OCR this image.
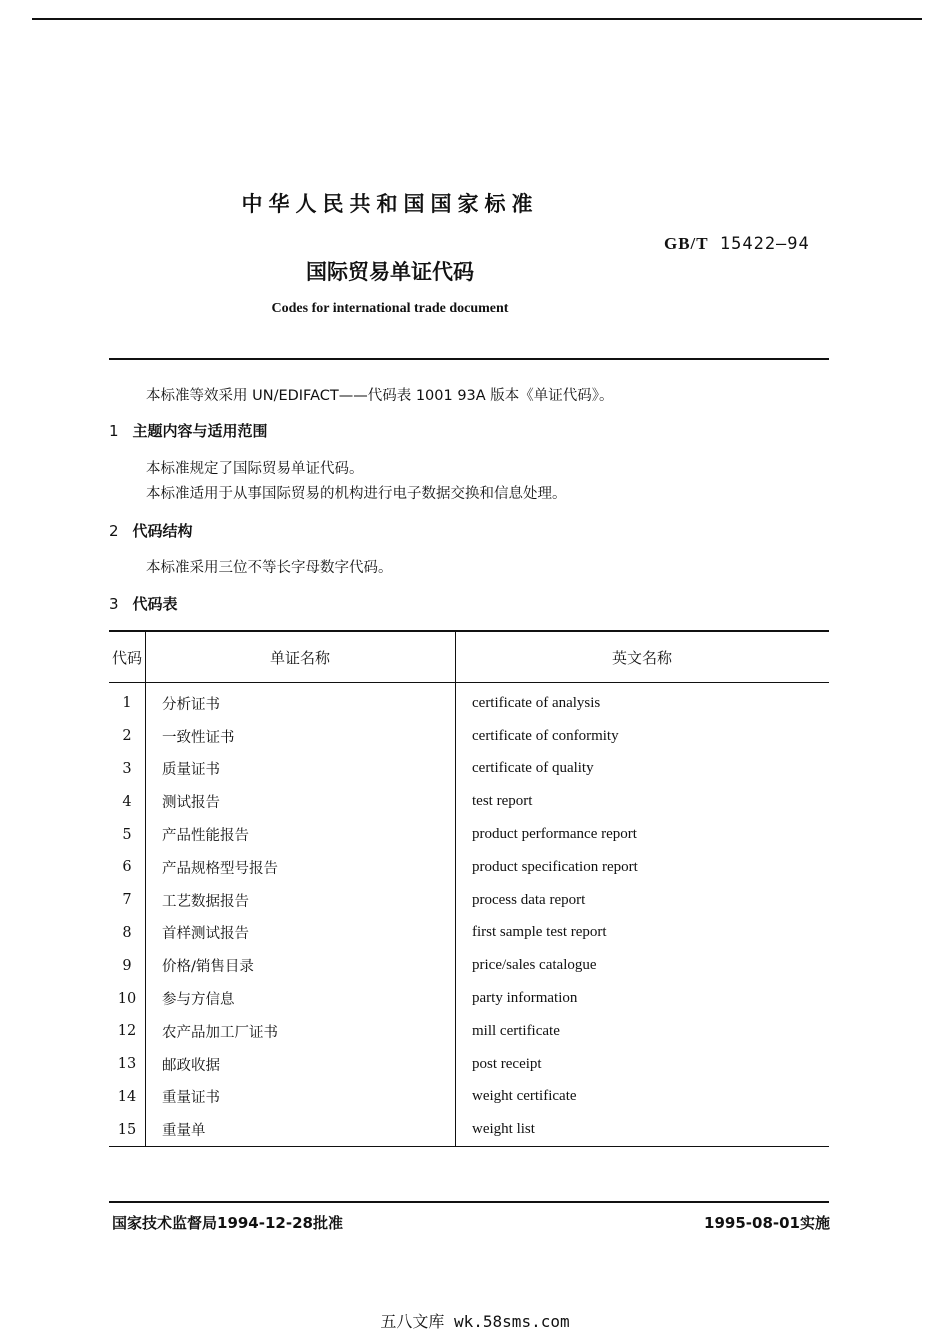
中华人民共和国国家标准
GB/T 15422—94
国际贸易单证代码
Codes for international trade document
本标准等效采用 UN/EDIFACT——代码表 1001 93A 版本《单证代码》。
1 主题内容与适用范围
本标准规定了国际贸易单证代码。
本标准适用于从事国际贸易的机构进行电子数据交换和信息处理。
2 代码结构
本标准采用三位不等长字母数字代码。
3 代码表
代码	单证名称	英文名称
1	分析证书	certificate of analysis
2	一致性证书	certificate of conformity
3	质量证书	certificate of quality
4	测试报告	test report
5	产品性能报告	product performance report
6	产品规格型号报告	product specification report
7	工艺数据报告	process data report
8	首样测试报告	first sample test report
9	价格/销售目录	price/sales catalogue
10	参与方信息	party information
12	农产品加工厂证书	mill certificate
13	邮政收据	post receipt
14	重量证书	weight certificate
15	重量单	weight list
国家技术监督局1994-12-28批准	1995-08-01实施
五八文库 wk.58sms.com
